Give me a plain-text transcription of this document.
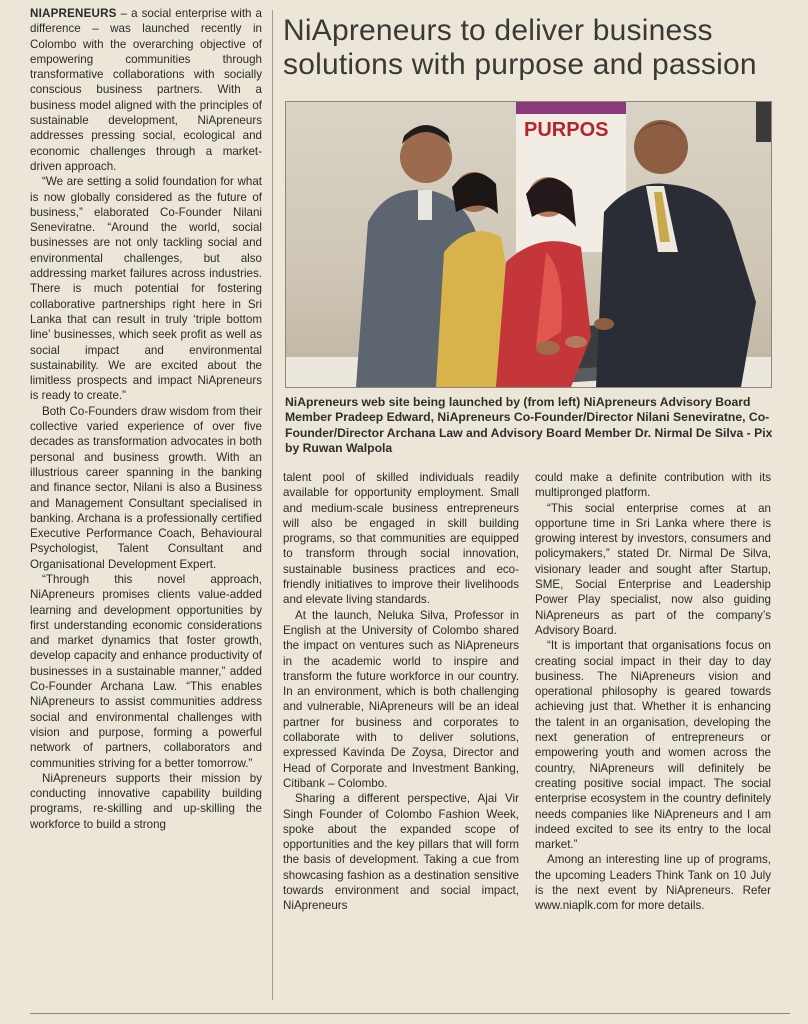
NIAPRENEURS – a social enterprise with a difference – was launched recently in Colombo with the overarching objective of empowering communities through transformative collaborations with socially conscious business partners. With a business model aligned with the principles of sustainable development, NiApreneurs addresses pressing social, ecological and economic challenges through a market-driven approach.

“We are setting a solid foundation for what is now globally considered as the future of business,” elaborated Co-Founder Nilani Seneviratne. “Around the world, social businesses are not only tackling social and environmental challenges, but also addressing market failures across industries. There is much potential for fostering collaborative partnerships right here in Sri Lanka that can result in truly ‘triple bottom line’ businesses, which seek profit as well as social impact and environmental sustainability. We are excited about the limitless prospects and impact NiApreneurs is ready to create.”

Both Co-Founders draw wisdom from their collective varied experience of over five decades as transformation advocates in both personal and business growth. With an illustrious career spanning in the banking and finance sector, Nilani is also a Business and Management Consultant specialised in banking. Archana is a professionally certified Executive Performance Coach, Behavioural Psychologist, Talent Consultant and Organisational Development Expert.

“Through this novel approach, NiApreneurs promises clients value-added learning and development opportunities by first understanding economic considerations and market dynamics that foster growth, develop capacity and enhance productivity of businesses in a sustainable manner,” added Co-Founder Archana Law. “This enables NiApreneurs to assist communities address social and environmental challenges with vision and purpose, forming a powerful network of partners, collaborators and communities striving for a better tomorrow.”

NiApreneurs supports their mission by conducting innovative capability building programs, re-skilling and up-skilling the workforce to build a strong

NiApreneurs to deliver business solutions with purpose and passion
PURPOS

NiApreneurs web site being launched by (from left) NiApreneurs Advisory Board Member Pradeep Edward, NiApreneurs Co-Founder/Director Nilani Seneviratne, Co-Founder/Director Archana Law and Advisory Board Member Dr. Nirmal De Silva - Pix by Ruwan Walpola

talent pool of skilled individuals readily available for opportunity employment. Small and medium-scale business entrepreneurs will also be engaged in skill building programs, so that communities are equipped to transform through social innovation, sustainable business practices and eco-friendly initiatives to improve their livelihoods and elevate living standards.

At the launch, Neluka Silva, Professor in English at the University of Colombo shared the impact on ventures such as NiApreneurs in the academic world to inspire and transform the future workforce in our country. In an environment, which is both challenging and vulnerable, NiApreneurs will be an ideal partner for business and corporates to collaborate with to deliver solutions, expressed Kavinda De Zoysa, Director and Head of Corporate and Investment Banking, Citibank – Colombo.

Sharing a different perspective, Ajai Vir Singh Founder of Colombo Fashion Week, spoke about the expanded scope of opportunities and the key pillars that will form the basis of development. Taking a cue from showcasing fashion as a destination sensitive towards environment and social impact, NiApreneurs

could make a definite contribution with its multipronged platform.

“This social enterprise comes at an opportune time in Sri Lanka where there is growing interest by investors, consumers and policymakers,” stated Dr. Nirmal De Silva, visionary leader and sought after Startup, SME, Social Enterprise and Leadership Power Play specialist, now also guiding NiApreneurs as part of the company’s Advisory Board.

“It is important that organisations focus on creating social impact in their day to day business. The NiApreneurs vision and operational philosophy is geared towards achieving just that. Whether it is enhancing the talent in an organisation, developing the next generation of entrepreneurs or empowering youth and women across the country, NiApreneurs will definitely be creating positive social impact. The social enterprise ecosystem in the country definitely needs companies like NiApreneurs and I am indeed excited to see its entry to the local market.”

Among an interesting line up of programs, the upcoming Leaders Think Tank on 10 July is the next event by NiApreneurs. Refer www.niaplk.com for more details.
